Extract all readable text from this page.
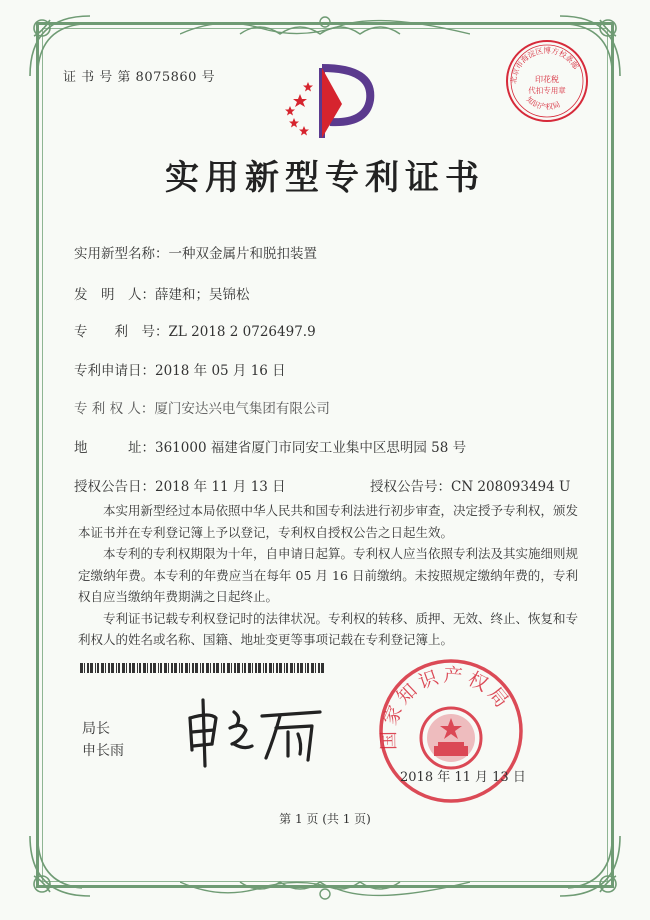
证 书 号 第 8075860 号	北京市海淀区博方校条邮
印花税
代扣专用章
知识产权局
实用新型专利证书
实用新型名称：一种双金属片和脱扣装置
发　明　人：薛建和；吴锦松
专　　利　号：ZL 2018 2 0726497.9
专利申请日：2018 年 05 月 16 日
专 利 权 人：厦门安达兴电气集团有限公司
地　　　址：361000 福建省厦门市同安工业集中区思明园 58 号
授权公告日：2018 年 11 月 13 日	授权公告号：CN 208093494 U

本实用新型经过本局依照中华人民共和国专利法进行初步审查，决定授予专利权，颁发本证书并在专利登记簿上予以登记，专利权自授权公告之日起生效。

本专利的专利权期限为十年，自申请日起算。专利权人应当依照专利法及其实施细则规定缴纳年费。本专利的年费应当在每年 05 月 16 日前缴纳。未按照规定缴纳年费的，专利权自应当缴纳年费期满之日起终止。

专利证书记载专利权登记时的法律状况。专利权的转移、质押、无效、终止、恢复和专利权人的姓名或名称、国籍、地址变更等事项记载在专利登记簿上。

局长
申长雨
国家知识产权局
2018 年 11 月 13 日
第 1 页 (共 1 页)
